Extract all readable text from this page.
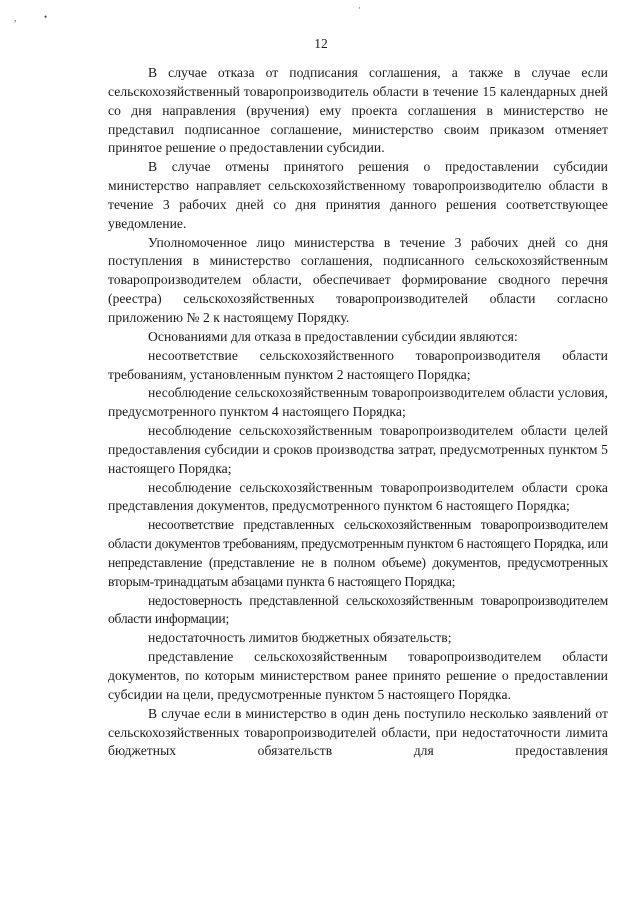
,	•
·
12

В случае отказа от подписания соглашения, а также в случае если сельскохозяйственный товаропроизводитель области в течение 15 календарных дней со дня направления (вручения) ему проекта соглашения в министерство не представил подписанное соглашение, министерство своим приказом отменяет принятое решение о предоставлении субсидии.

В случае отмены принятого решения о предоставлении субсидии министерство направляет сельскохозяйственному товаропроизводителю области в течение 3 рабочих дней со дня принятия данного решения соответствующее уведомление.

Уполномоченное лицо министерства в течение 3 рабочих дней со дня поступления в министерство соглашения, подписанного сельскохозяйственным товаропроизводителем области, обеспечивает формирование сводного перечня (реестра) сельскохозяйственных товаропроизводителей области согласно приложению № 2 к настоящему Порядку.

Основаниями для отказа в предоставлении субсидии являются:

несоответствие сельскохозяйственного товаропроизводителя области требованиям, установленным пунктом 2 настоящего Порядка;

несоблюдение сельскохозяйственным товаропроизводителем области условия, предусмотренного пунктом 4 настоящего Порядка;

несоблюдение сельскохозяйственным товаропроизводителем области целей предоставления субсидии и сроков производства затрат, предусмотренных пунктом 5 настоящего Порядка;

несоблюдение сельскохозяйственным товаропроизводителем области срока представления документов, предусмотренного пунктом 6 настоящего Порядка;

несоответствие представленных сельскохозяйственным товаропроизводителем области документов требованиям, предусмотренным пунктом 6 настоящего Порядка, или непредставление (представление не в полном объеме) документов, предусмотренных вторым-тринадцатым абзацами пункта 6 настоящего Порядка;

недостоверность представленной сельскохозяйственным товаропроизводителем области информации;

недостаточность лимитов бюджетных обязательств;

представление сельскохозяйственным товаропроизводителем области документов, по которым министерством ранее принято решение о предоставлении субсидии на цели, предусмотренные пунктом 5 настоящего Порядка.

В случае если в министерство в один день поступило несколько заявлений от сельскохозяйственных товаропроизводителей области, при недостаточности лимита бюджетных обязательств для предоставления
